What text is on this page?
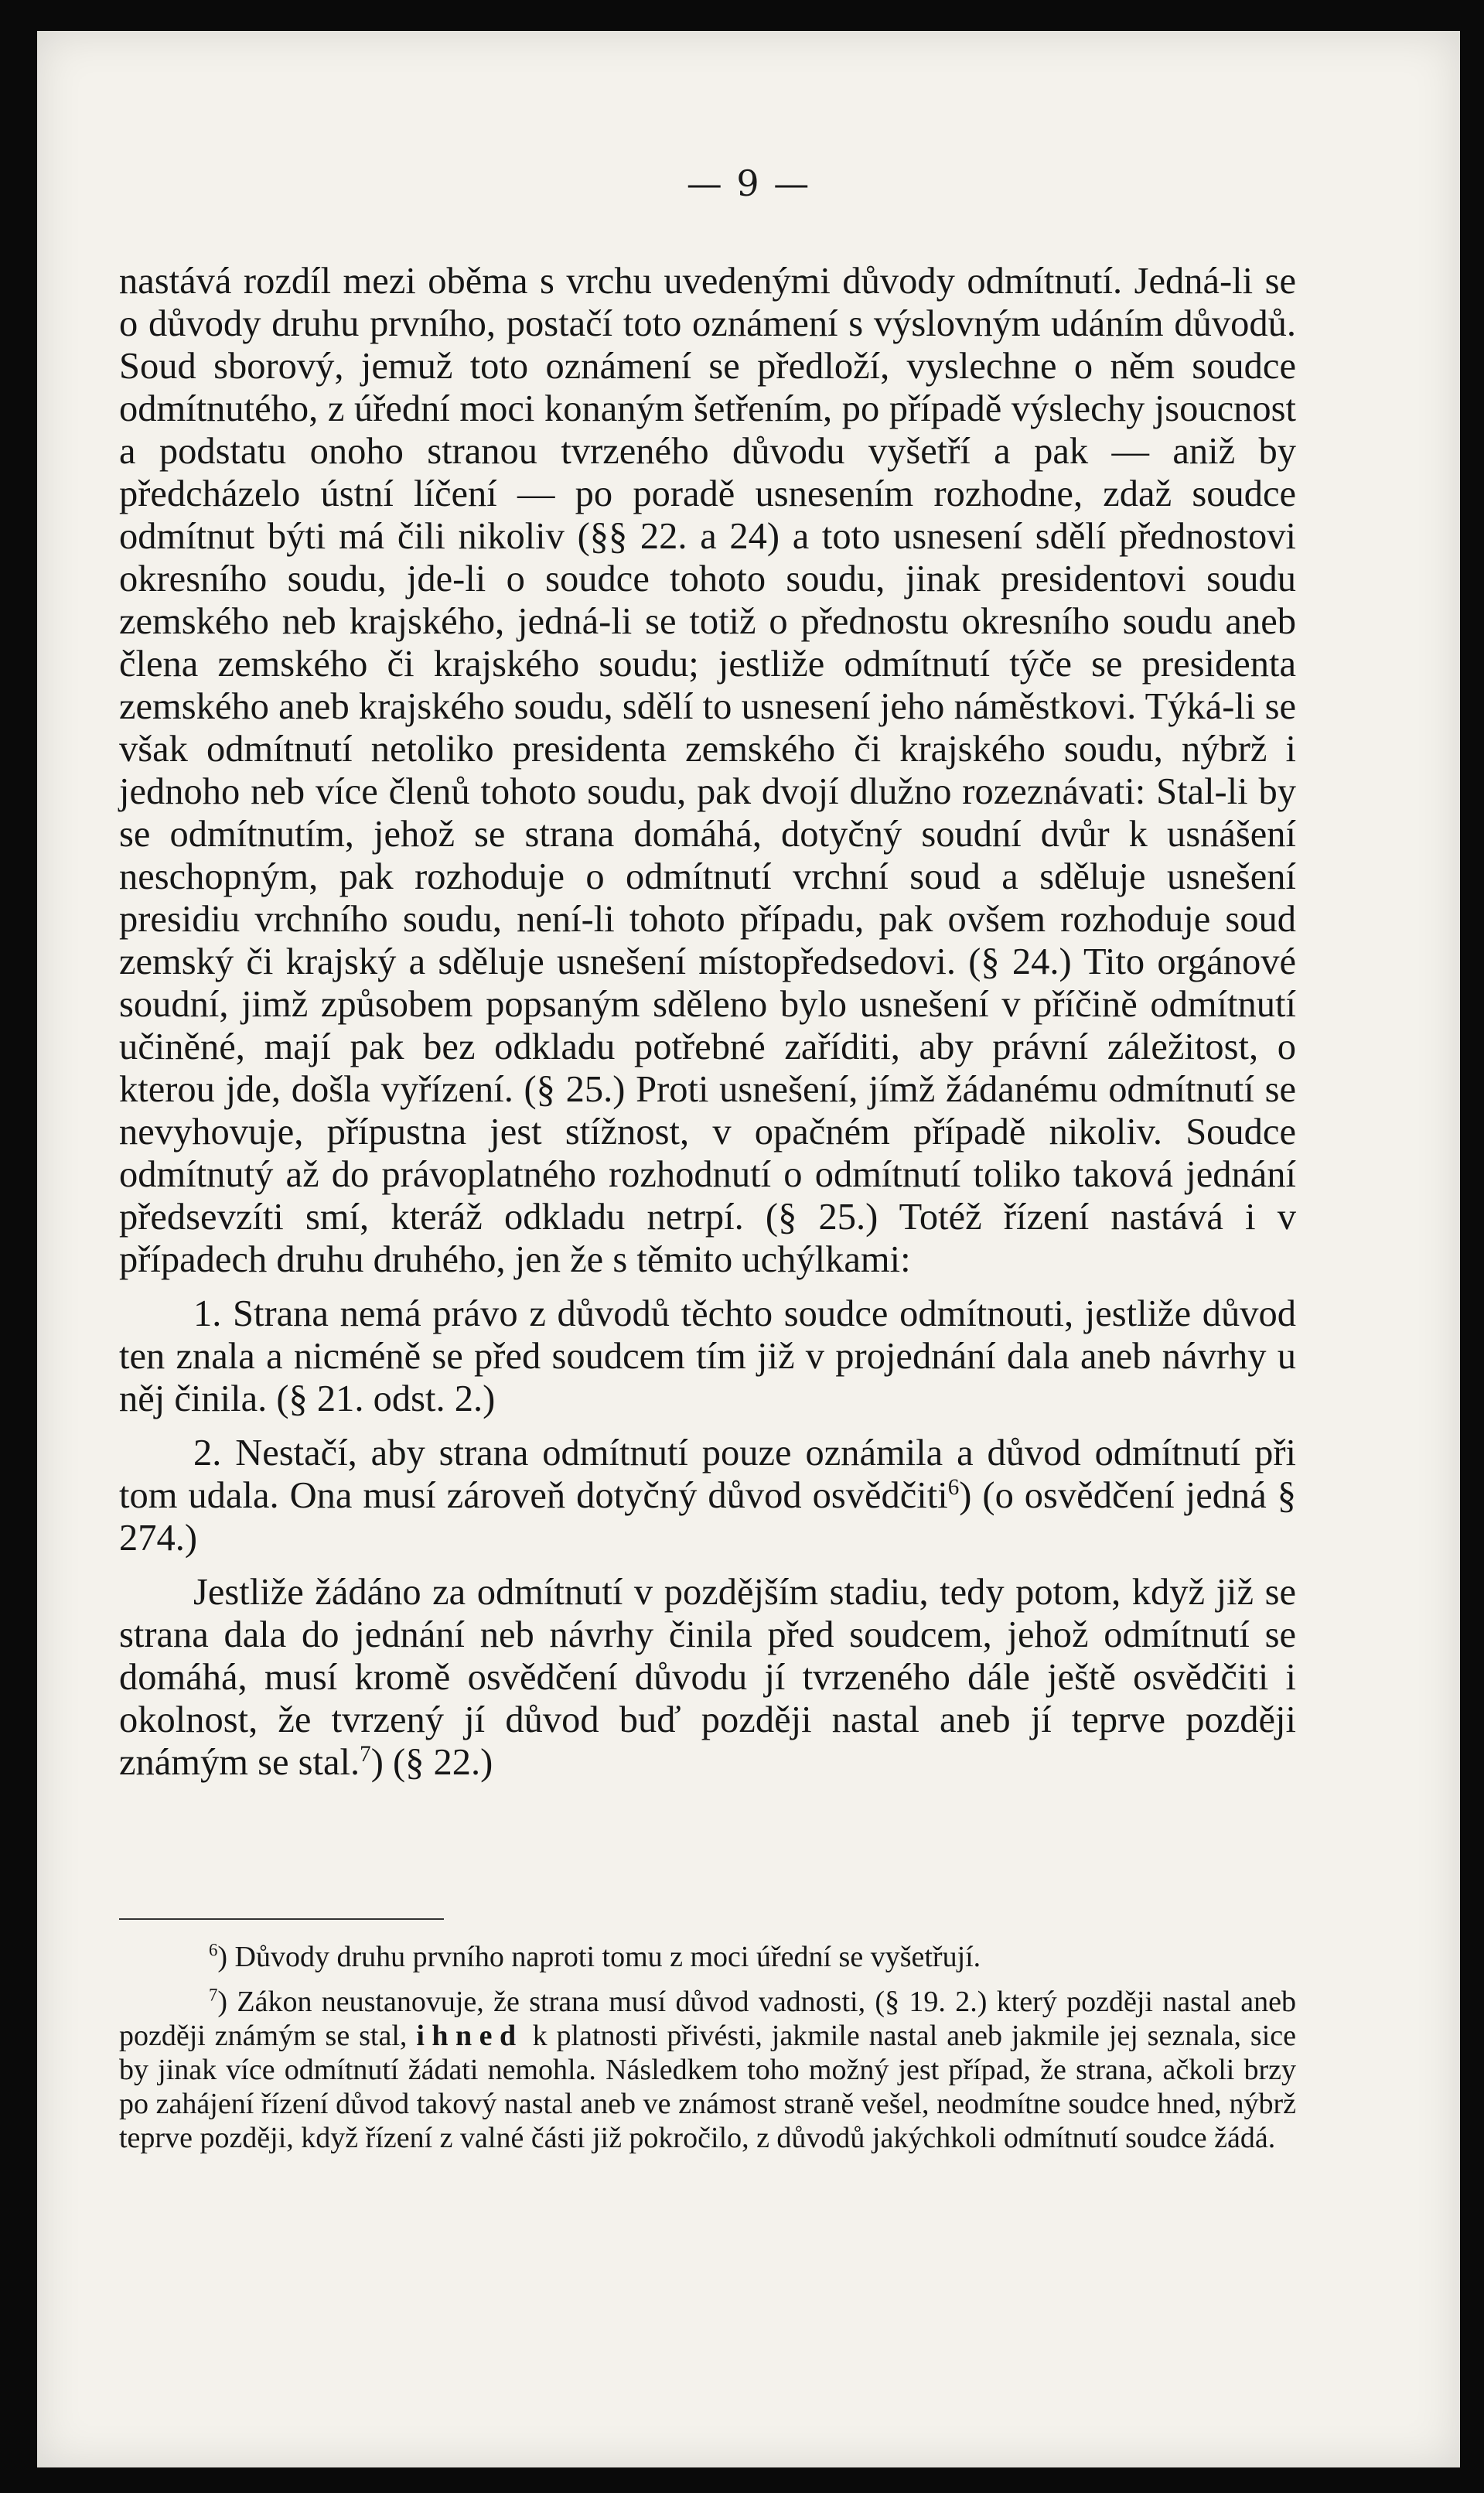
— 9 —

nastává rozdíl mezi oběma s vrchu uvedenými důvody odmítnutí. Jedná-li se o důvody druhu prvního, postačí toto oznámení s výslovným udáním důvodů. Soud sborový, jemuž toto oznámení se předloží, vyslechne o něm soudce odmítnutého, z úřední moci konaným šetřením, po případě výslechy jsoucnost a podstatu onoho stranou tvrzeného důvodu vyšetří a pak — aniž by předcházelo ústní líčení — po poradě usnesením rozhodne, zdaž soudce odmítnut býti má čili nikoliv (§§ 22. a 24) a toto usnesení sdělí přednostovi okresního soudu, jde-li o soudce tohoto soudu, jinak presidentovi soudu zemského neb krajského, jedná-li se totiž o přednostu okresního soudu aneb člena zemského či krajského soudu; jestliže odmítnutí týče se presidenta zemského aneb krajského soudu, sdělí to usnesení jeho náměstkovi. Týká-li se však odmítnutí netoliko presidenta zemského či krajského soudu, nýbrž i jednoho neb více členů tohoto soudu, pak dvojí dlužno rozeznávati: Stal-li by se odmítnutím, jehož se strana domáhá, dotyčný soudní dvůr k usnášení neschopným, pak rozhoduje o odmítnutí vrchní soud a sděluje usnešení presidiu vrchního soudu, není-li tohoto případu, pak ovšem rozhoduje soud zemský či krajský a sděluje usnešení místopředsedovi. (§ 24.) Tito orgánové soudní, jimž způsobem popsaným sděleno bylo usnešení v příčině odmítnutí učiněné, mají pak bez odkladu potřebné zaříditi, aby právní záležitost, o kterou jde, došla vyřízení. (§ 25.) Proti usnešení, jímž žádanému odmítnutí se nevyhovuje, přípustna jest stížnost, v opačném případě nikoliv. Soudce odmítnutý až do právoplatného rozhodnutí o odmítnutí toliko taková jednání předsevzíti smí, kteráž odkladu netrpí. (§ 25.) Totéž řízení nastává i v případech druhu druhého, jen že s těmito uchýlkami:

1. Strana nemá právo z důvodů těchto soudce odmítnouti, jestliže důvod ten znala a nicméně se před soudcem tím již v projednání dala aneb návrhy u něj činila. (§ 21. odst. 2.)

2. Nestačí, aby strana odmítnutí pouze oznámila a důvod odmítnutí při tom udala. Ona musí zároveň dotyčný důvod osvědčiti$^6$) (o osvědčení jedná § 274.)

Jestliže žádáno za odmítnutí v pozdějším stadiu, tedy potom, když již se strana dala do jednání neb návrhy činila před soudcem, jehož odmítnutí se domáhá, musí kromě osvědčení důvodu jí tvrzeného dále ještě osvědčiti i okolnost, že tvrzený jí důvod buď později nastal aneb jí teprve později známým se stal.$^7$) (§ 22.)

$^6$) Důvody druhu prvního naproti tomu z moci úřední se vyšetřují.

$^7$) Zákon neustanovuje, že strana musí důvod vadnosti, (§ 19. 2.) který později nastal aneb později známým se stal, ihned k platnosti přivésti, jakmile nastal aneb jakmile jej seznala, sice by jinak více odmítnutí žádati nemohla. Následkem toho možný jest případ, že strana, ačkoli brzy po zahájení řízení důvod takový nastal aneb ve známost straně vešel, neodmítne soudce hned, nýbrž teprve později, když řízení z valné části již pokročilo, z důvodů jakýchkoli odmítnutí soudce žádá.
